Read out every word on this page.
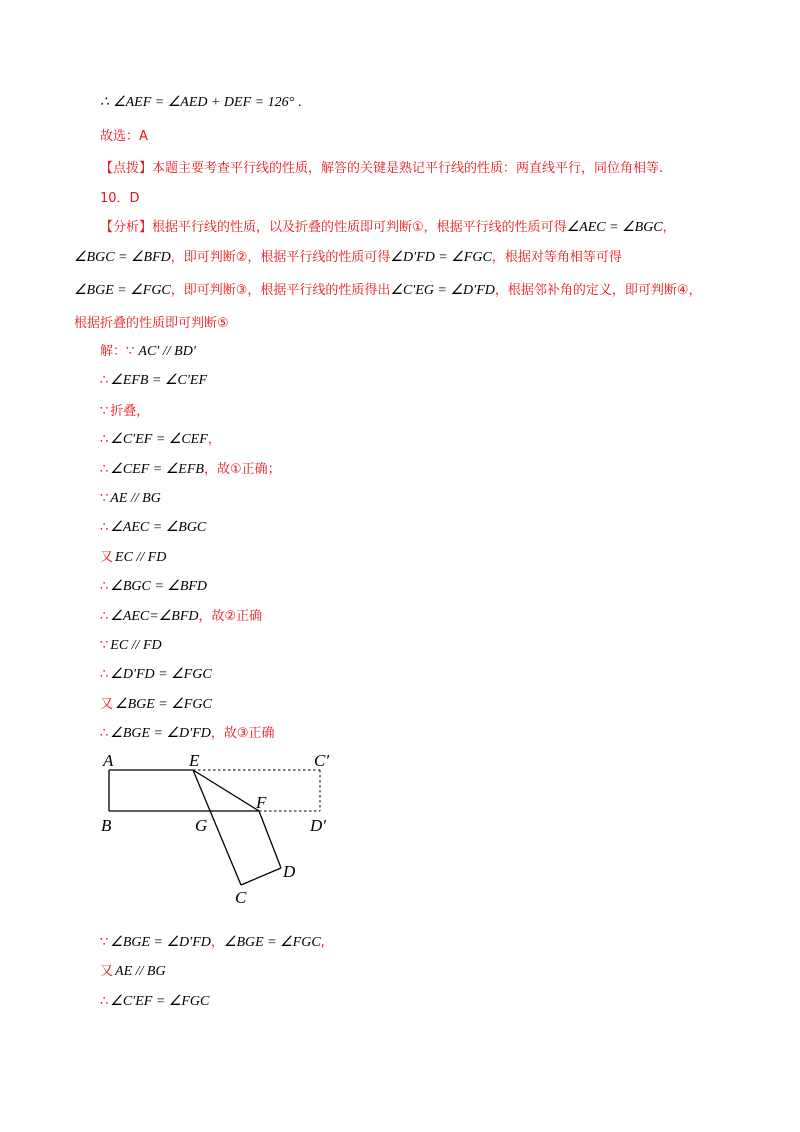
∴ ∠AEF = ∠AED + DEF = 126° .
故选：A
【点拨】本题主要考查平行线的性质，解答的关键是熟记平行线的性质：两直线平行，同位角相等.
10．D
【分析】根据平行线的性质，以及折叠的性质即可判断①，根据平行线的性质可得∠AEC = ∠BGC，
∠BGC = ∠BFD，即可判断②，根据平行线的性质可得∠D′FD = ∠FGC，根据对等角相等可得
∠BGE = ∠FGC，即可判断③，根据平行线的性质得出∠C′EG = ∠D′FD，根据邻补角的定义，即可判断④，
根据折叠的性质即可判断⑤
解：∵ AC′ // BD′
∴ ∠EFB = ∠C′EF
∵ 折叠，
∴ ∠C′EF = ∠CEF，
∴ ∠CEF = ∠EFB，故①正确；
∵ AE // BG
∴ ∠AEC = ∠BGC
又 EC // FD
∴ ∠BGC = ∠BFD
∴ ∠AEC=∠BFD，故②正确
∵ EC // FD
∴ ∠D′FD = ∠FGC
又 ∠BGE = ∠FGC
∴ ∠BGE = ∠D′FD，故③正确
A	E	C′
F
B	G	D′
D
C
∵ ∠BGE = ∠D′FD，∠BGE = ∠FGC,
又 AE // BG
∴ ∠C′EF = ∠FGC
